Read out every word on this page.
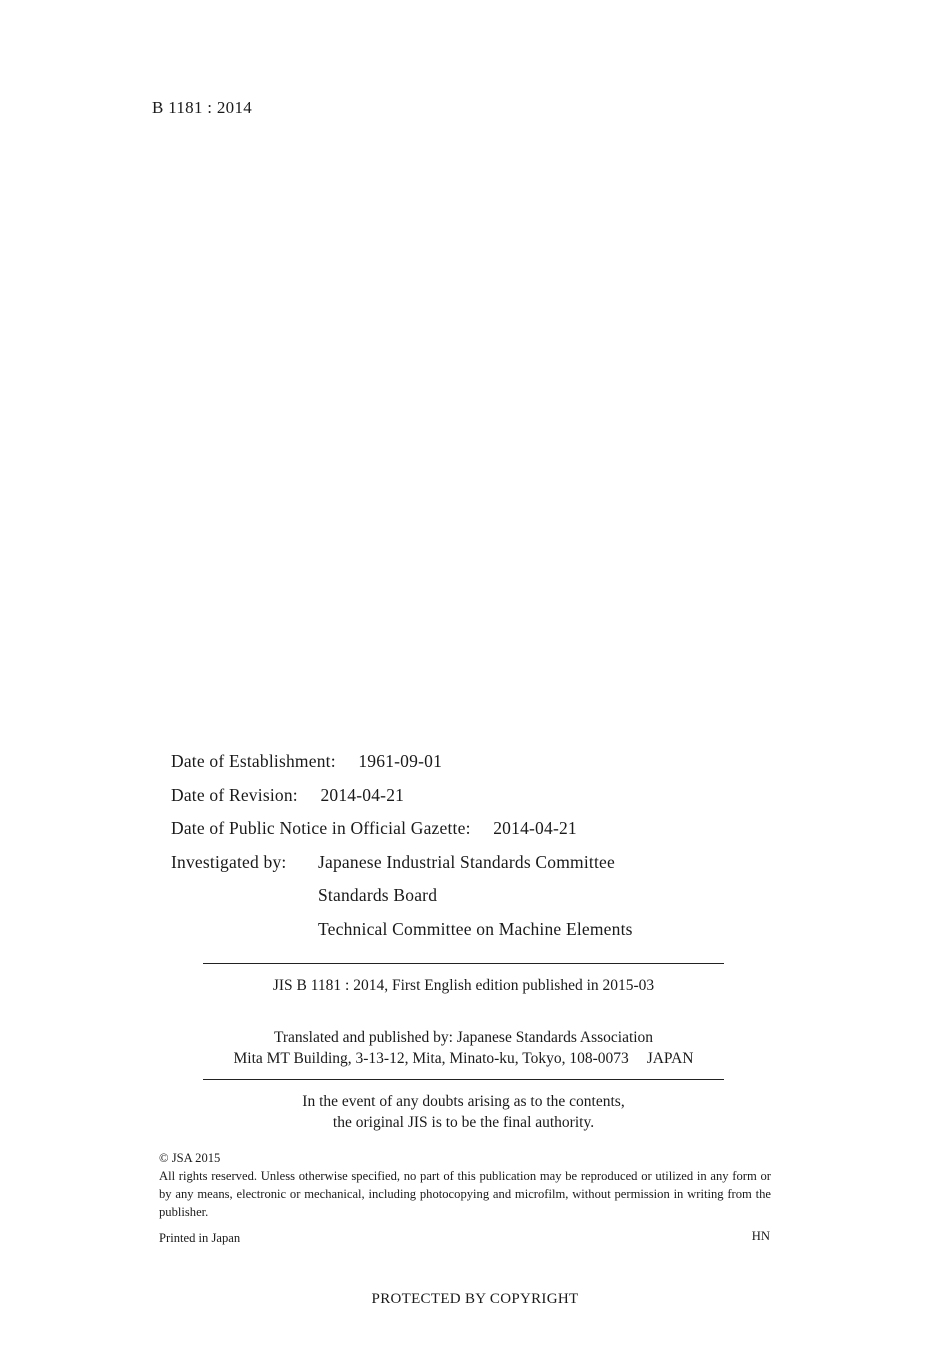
B 1181 : 2014
Date of Establishment: 1961-09-01
Date of Revision: 2014-04-21
Date of Public Notice in Official Gazette: 2014-04-21
Investigated by: Japanese Industrial Standards Committee
Standards Board
Technical Committee on Machine Elements
JIS B 1181 : 2014, First English edition published in 2015-03
Translated and published by: Japanese Standards Association
Mita MT Building, 3-13-12, Mita, Minato-ku, Tokyo, 108-0073 JAPAN
In the event of any doubts arising as to the contents,
the original JIS is to be the final authority.
© JSA 2015
All rights reserved. Unless otherwise specified, no part of this publication may be reproduced or utilized in any form or by any means, electronic or mechanical, including photocopying and microfilm, without permission in writing from the publisher.
Printed in Japan	HN
PROTECTED BY COPYRIGHT
